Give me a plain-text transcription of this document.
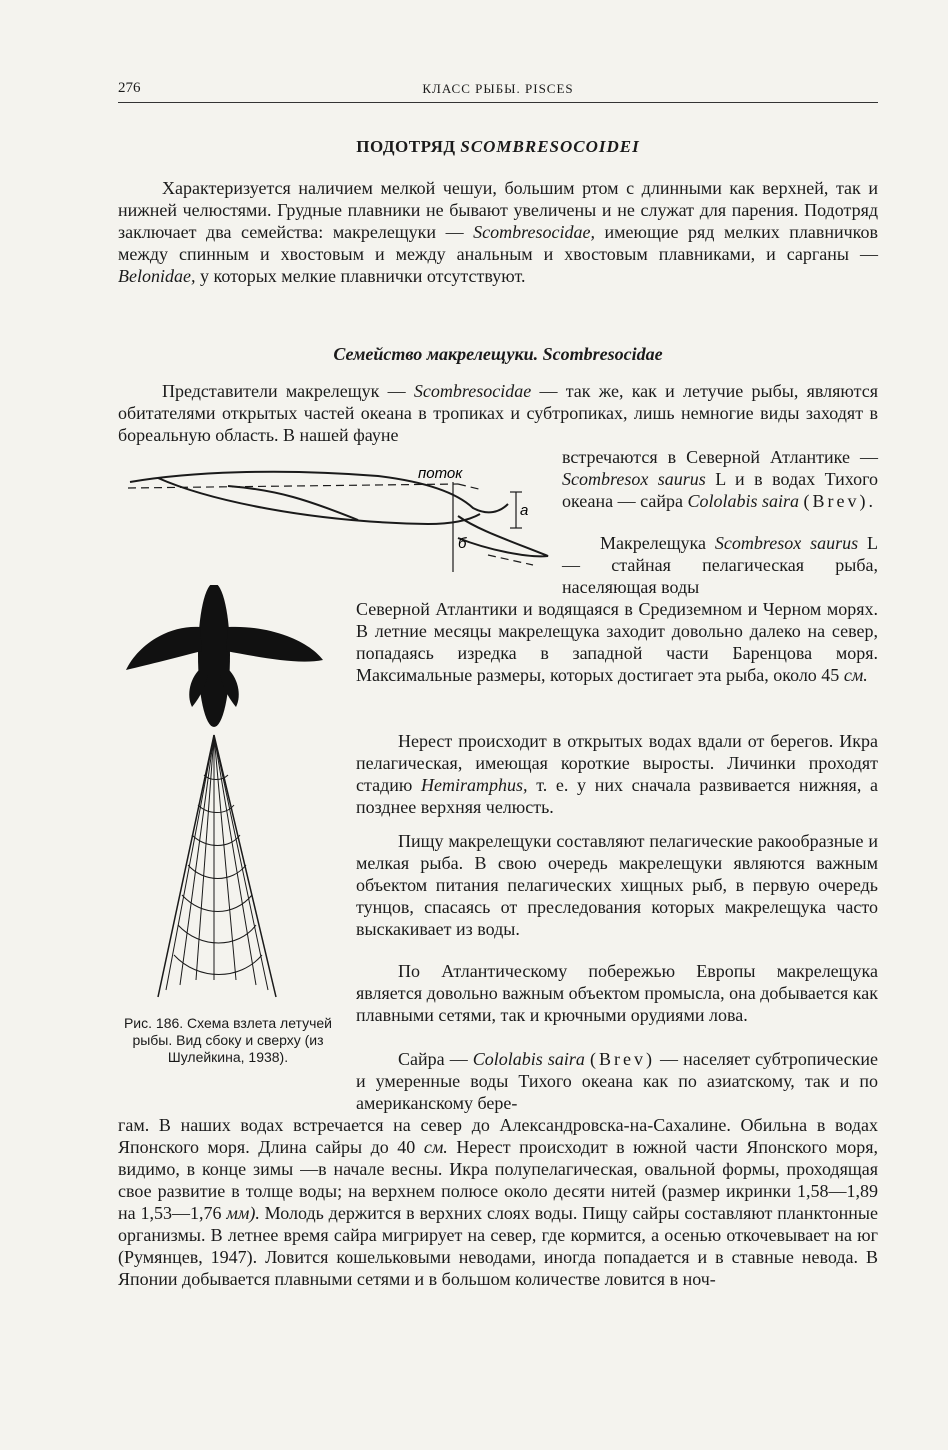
276	КЛАСС РЫБЫ. PISCES
ПОДОТРЯД SCOMBRESOCOIDEI

Характеризуется наличием мелкой чешуи, большим ртом с длинными как верхней, так и нижней челюстями. Грудные плавники не бывают увеличены и не служат для парения. Подотряд заключает два семейства: макрелещуки — Scombresocidae, имеющие ряд мелких плавничков между спинным и хвостовым и между анальным и хвостовым плавниками, и сарганы — Belonidae, у которых мелкие плавнички отсутствуют.

Семейство макрелещуки. Scombresocidae

Представители макрелещук — Scombresocidae — так же, как и летучие рыбы, являются обитателями открытых частей океана в тропиках и субтропиках, лишь немногие виды заходят в бореальную область. В нашей фауне

встречаются в Северной Атлантике —Scombresox saurus L и в водах Тихого океана — сайра Cololabis saira (Brev).

Макрелещука Scombresox saurus L — стайная пелагическая рыба, населяющая воды

Северной Атлантики и водящаяся в Средиземном и Черном морях. В летние месяцы макрелещука заходит довольно далеко на север, попадаясь изредка в западной части Баренцова моря. Максимальные размеры, которых достигает эта рыба, около 45 см.

Нерест происходит в открытых водах вдали от берегов. Икра пелагическая, имеющая короткие выросты. Личинки проходят стадию Hemiramphus, т. е. у них сначала развивается нижняя, а позднее верхняя челюсть.

Пищу макрелещуки составляют пелагические ракообразные и мелкая рыба. В свою очередь макрелещуки являются важным объектом питания пелагических хищных рыб, в первую очередь тунцов, спасаясь от преследования которых макрелещука часто выскакивает из воды.

По Атлантическому побережью Европы макрелещука является довольно важным объектом промысла, она добывается как плавными сетями, так и крючными орудиями лова.

Сайра — Cololabis saira (Brev) — населяет субтропические и умеренные воды Тихого океана как по азиатскому, так и по американскому бере-

гам. В наших водах встречается на север до Александровска-на-Сахалине. Обильна в водах Японского моря. Длина сайры до 40 см. Нерест происходит в южной части Японского моря, видимо, в конце зимы —в начале весны. Икра полупелагическая, овальной формы, проходящая свое развитие в толще воды; на верхнем полюсе около десяти нитей (размер икринки 1,58—1,89 на 1,53—1,76 мм). Молодь держится в верхних слоях воды. Пищу сайры составляют планктонные организмы. В летнее время сайра мигрирует на север, где кормится, а осенью откочевывает на юг (Румянцев, 1947). Ловится кошельковыми неводами, иногда попадается и в ставные невода. В Японии добывается плавными сетями и в большом количестве ловится в ноч-

поток
а
б
Рис. 186. Схема взлета летучей рыбы. Вид сбоку и сверху (из Шулейкина, 1938).
